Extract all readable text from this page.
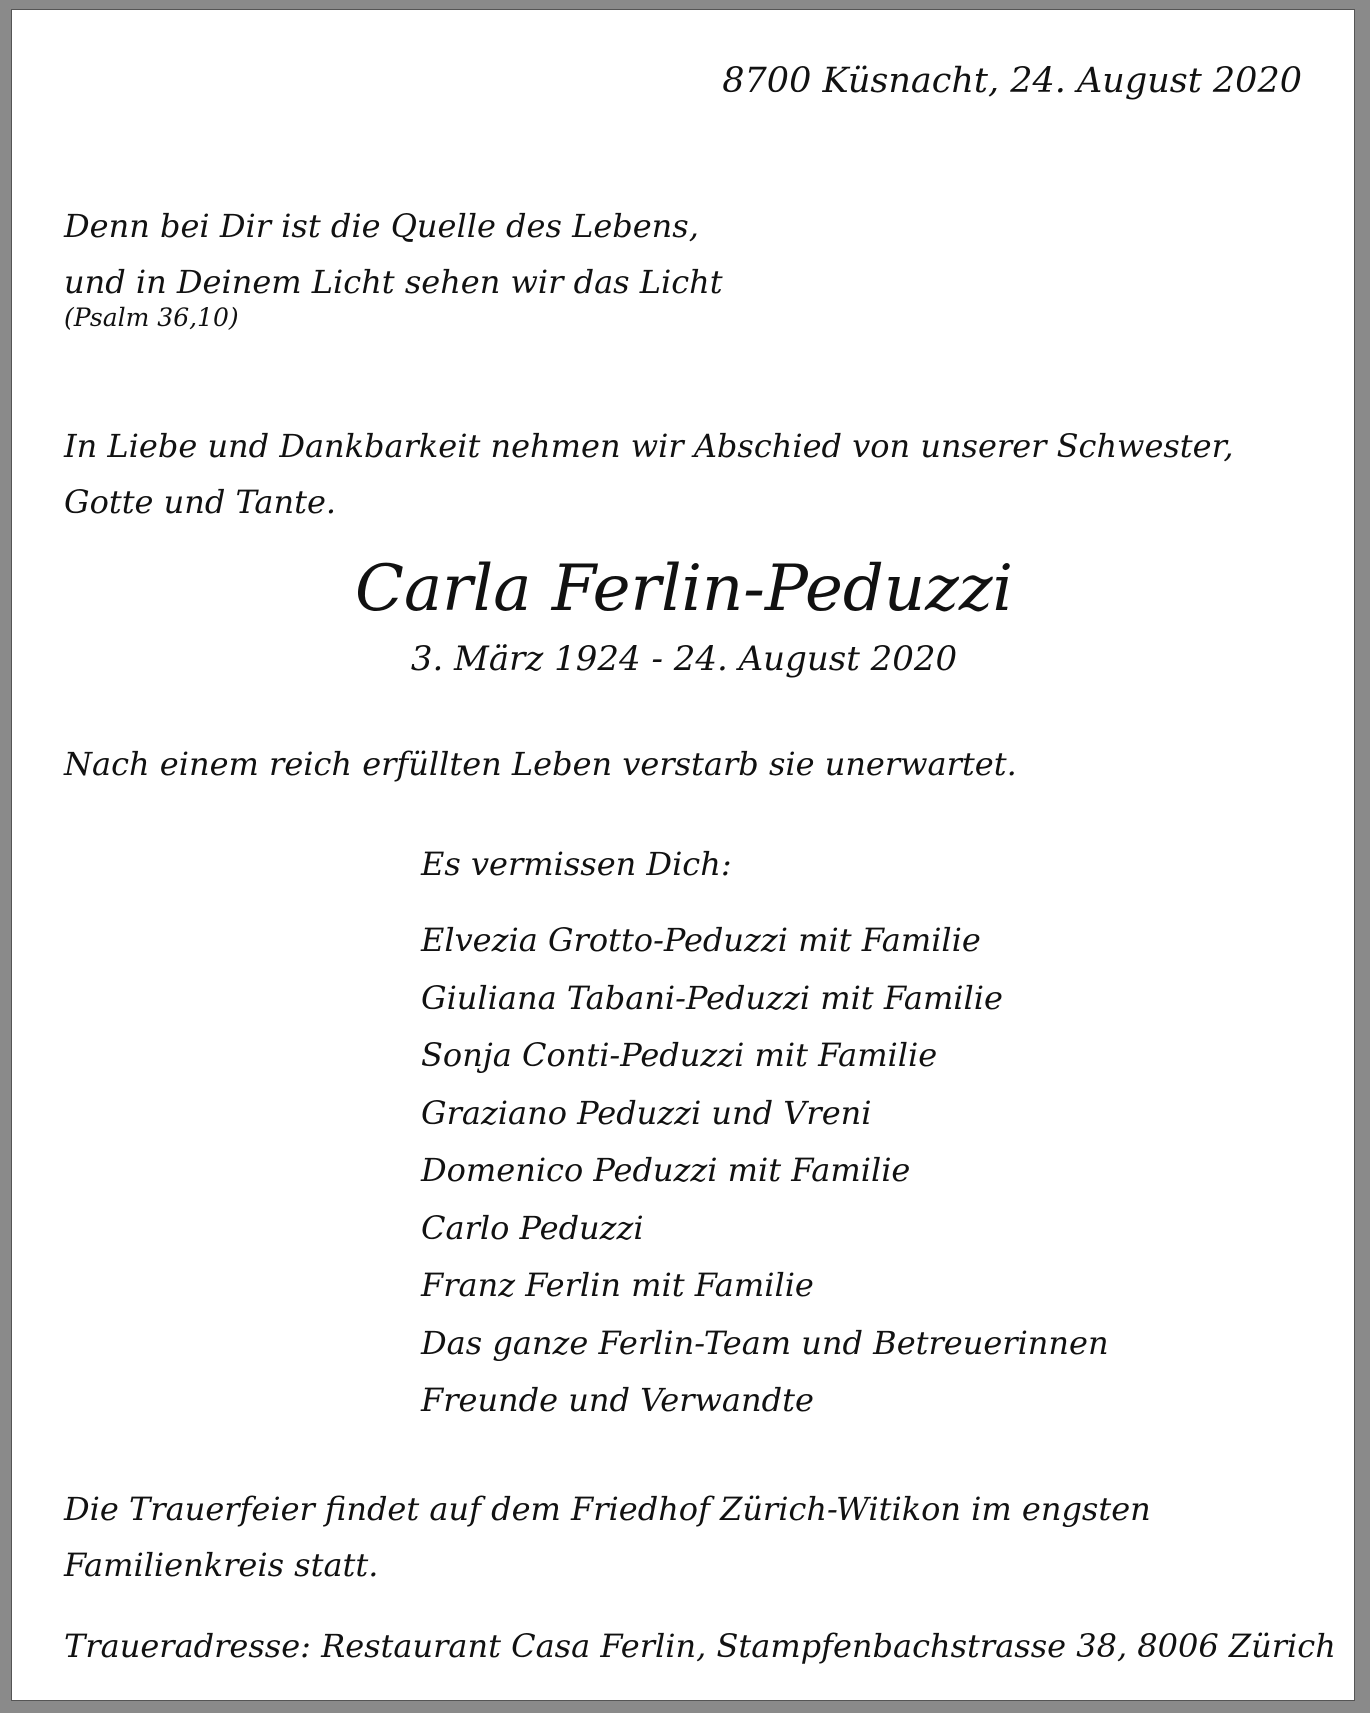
8700 Küsnacht, 24. August 2020
Denn bei Dir ist die Quelle des Lebens,
und in Deinem Licht sehen wir das Licht
(Psalm 36,10)
In Liebe und Dankbarkeit nehmen wir Abschied von unserer Schwester,
Gotte und Tante.
Carla Ferlin-Peduzzi
3. März 1924 - 24. August 2020
Nach einem reich erfüllten Leben verstarb sie unerwartet.
Es vermissen Dich:
Elvezia Grotto-Peduzzi mit Familie
Giuliana Tabani-Peduzzi mit Familie
Sonja Conti-Peduzzi mit Familie
Graziano Peduzzi und Vreni
Domenico Peduzzi mit Familie
Carlo Peduzzi
Franz Ferlin mit Familie
Das ganze Ferlin-Team und Betreuerinnen
Freunde und Verwandte
Die Trauerfeier findet auf dem Friedhof Zürich-Witikon im engsten
Familienkreis statt.
Traueradresse: Restaurant Casa Ferlin, Stampfenbachstrasse 38, 8006 Zürich
